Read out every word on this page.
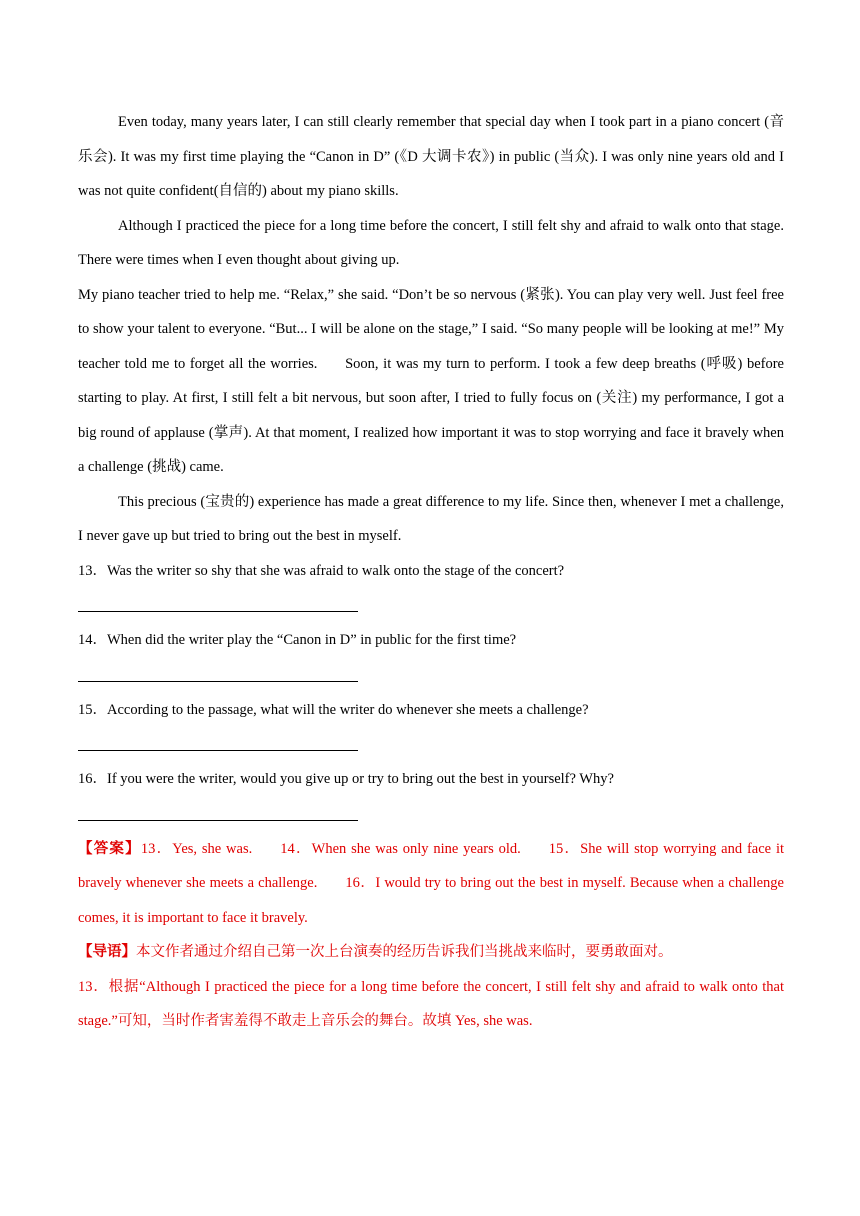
Even today, many years later, I can still clearly remember that special day when I took part in a piano concert (音乐会). It was my first time playing the “Canon in D” (《D 大调卡农》) in public (当众). I was only nine years old and I was not quite confident(自信的) about my piano skills.

Although I practiced the piece for a long time before the concert, I still felt shy and afraid to walk onto that stage. There were times when I even thought about giving up.

My piano teacher tried to help me. “Relax,” she said. “Don’t be so nervous (紧张). You can play very well. Just feel free to show your talent to everyone. “But... I will be alone on the stage,” I said. “So many people will be looking at me!” My teacher told me to forget all the worries.      Soon, it was my turn to perform. I took a few deep breaths (呼吸) before starting to play. At first, I still felt a bit nervous, but soon after, I tried to fully focus on (关注) my performance, I got a big round of applause (掌声). At that moment, I realized how important it was to stop worrying and face it bravely when a challenge (挑战) came.

This precious (宝贵的) experience has made a great difference to my life. Since then, whenever I met a challenge, I never gave up but tried to bring out the best in myself.

13．Was the writer so shy that she was afraid to walk onto the stage of the concert?

14．When did the writer play the “Canon in D” in public for the first time?

15．According to the passage, what will the writer do whenever she meets a challenge?

16．If you were the writer, would you give up or try to bring out the best in yourself? Why?

【答案】13．Yes, she was. 14．When she was only nine years old. 15．She will stop worrying and face it bravely whenever she meets a challenge. 16．I would try to bring out the best in myself. Because when a challenge comes, it is important to face it bravely.

【导语】本文作者通过介绍自己第一次上台演奏的经历告诉我们当挑战来临时，要勇敢面对。

13．根据“Although I practiced the piece for a long time before the concert, I still felt shy and afraid to walk onto that stage.”可知，当时作者害羞得不敢走上音乐会的舞台。故填 Yes, she was.
